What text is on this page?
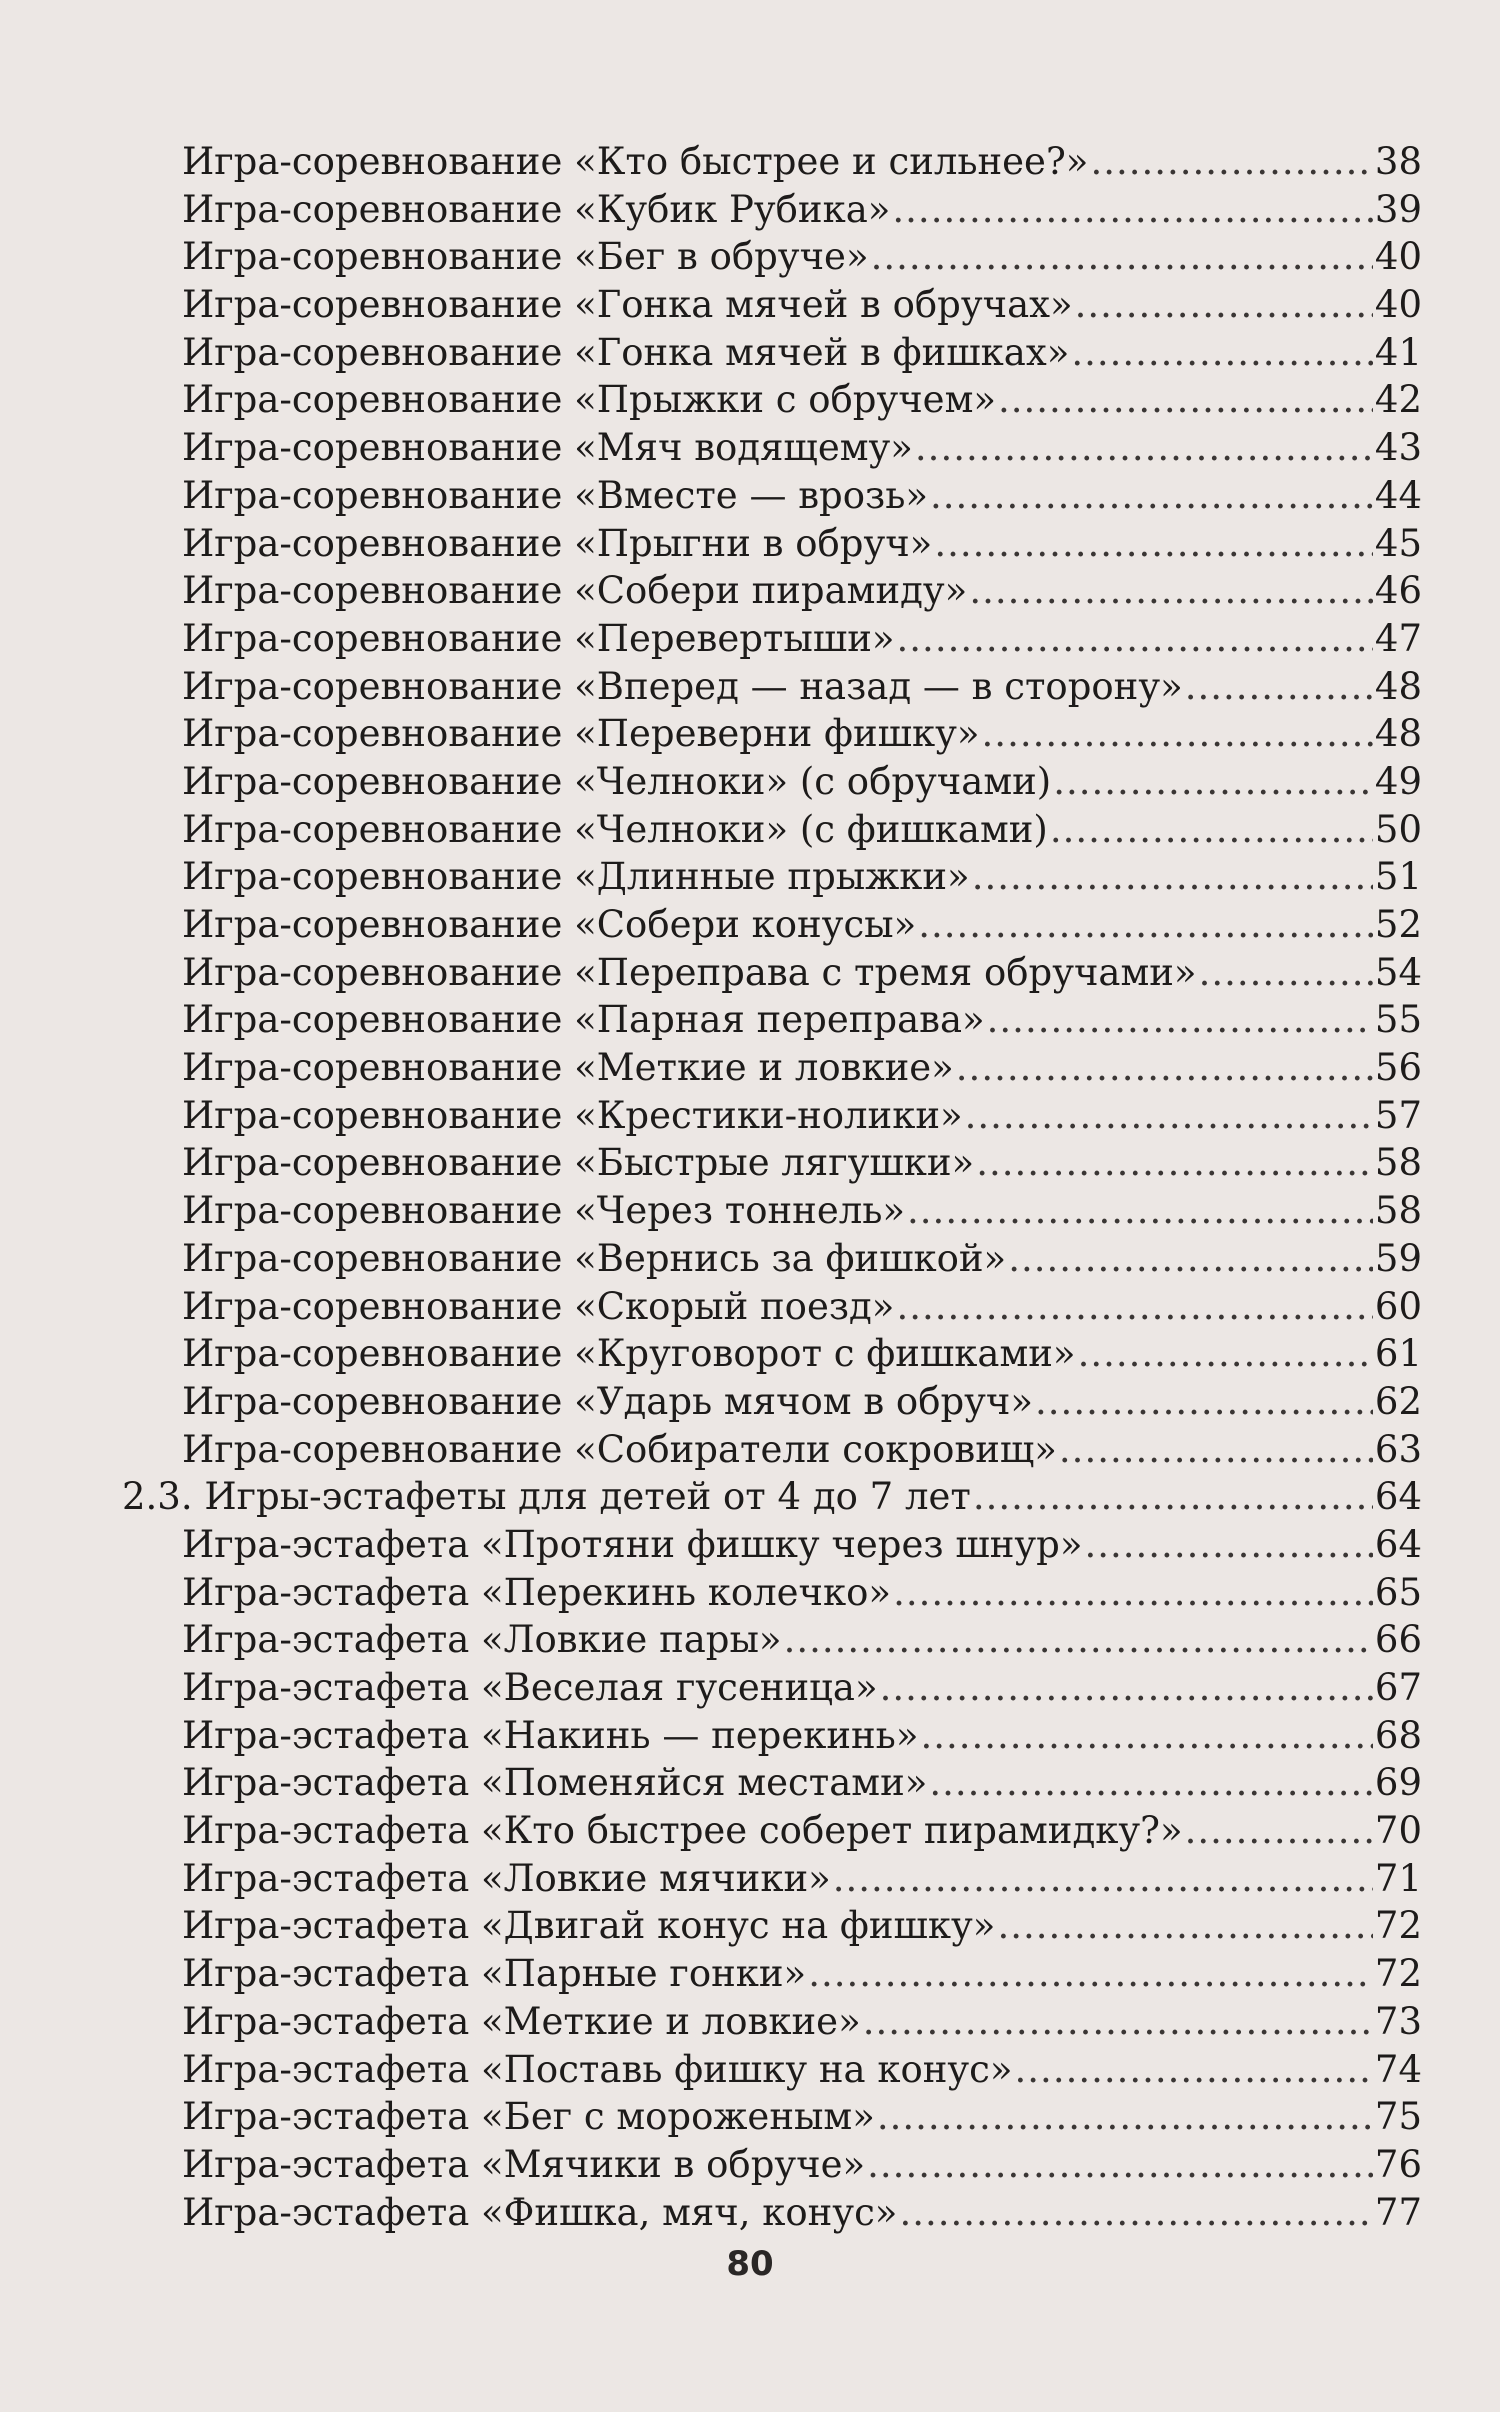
Игра-соревнование «Кто быстрее и сильнее?» .....	38
Игра-соревнование «Кубик Рубика» .....	39
Игра-соревнование «Бег в обруче» .....	40
Игра-соревнование «Гонка мячей в обручах» .....	40
Игра-соревнование «Гонка мячей в фишках» .....	41
Игра-соревнование «Прыжки с обручем» .....	42
Игра-соревнование «Мяч водящему» .....	43
Игра-соревнование «Вместе — врозь» .....	44
Игра-соревнование «Прыгни в обруч» .....	45
Игра-соревнование «Собери пирамиду» .....	46
Игра-соревнование «Перевертыши» .....	47
Игра-соревнование «Вперед — назад — в сторону» .....	48
Игра-соревнование «Переверни фишку» .....	48
Игра-соревнование «Челноки» (с обручами) .....	49
Игра-соревнование «Челноки» (с фишками) .....	50
Игра-соревнование «Длинные прыжки» .....	51
Игра-соревнование «Собери конусы» .....	52
Игра-соревнование «Переправа с тремя обручами» .....	54
Игра-соревнование «Парная переправа» .....	55
Игра-соревнование «Меткие и ловкие» .....	56
Игра-соревнование «Крестики-нолики» .....	57
Игра-соревнование «Быстрые лягушки» .....	58
Игра-соревнование «Через тоннель» .....	58
Игра-соревнование «Вернись за фишкой» .....	59
Игра-соревнование «Скорый поезд» .....	60
Игра-соревнование «Круговорот с фишками» .....	61
Игра-соревнование «Ударь мячом в обруч» .....	62
Игра-соревнование «Собиратели сокровищ» .....	63
2.3. Игры-эстафеты для детей от 4 до 7 лет .....	64
Игра-эстафета «Протяни фишку через шнур» .....	64
Игра-эстафета «Перекинь колечко» .....	65
Игра-эстафета «Ловкие пары» .....	66
Игра-эстафета «Веселая гусеница» .....	67
Игра-эстафета «Накинь — перекинь» .....	68
Игра-эстафета «Поменяйся местами» .....	69
Игра-эстафета «Кто быстрее соберет пирамидку?» .....	70
Игра-эстафета «Ловкие мячики» .....	71
Игра-эстафета «Двигай конус на фишку» .....	72
Игра-эстафета «Парные гонки» .....	72
Игра-эстафета «Меткие и ловкие» .....	73
Игра-эстафета «Поставь фишку на конус» .....	74
Игра-эстафета «Бег с мороженым» .....	75
Игра-эстафета «Мячики в обруче» .....	76
Игра-эстафета «Фишка, мяч, конус» .....	77
80
